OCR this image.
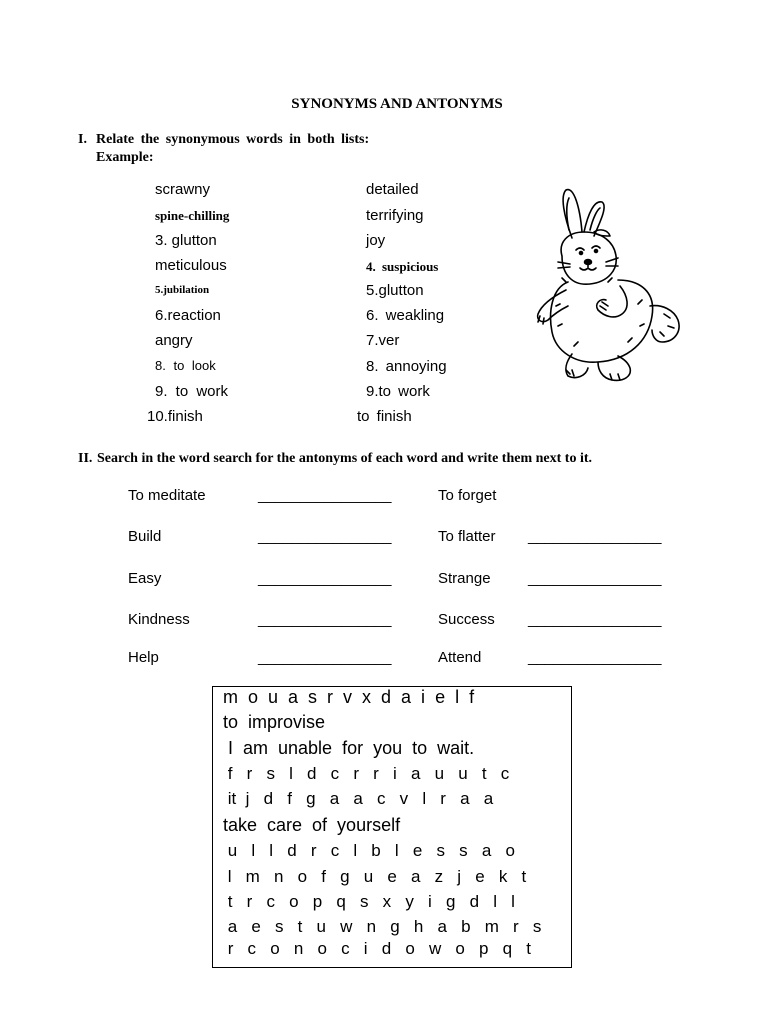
SYNONYMS AND ANTONYMS
I. Relate the synonymous words in both lists:
Example:
scrawny
spine-chilling
3. glutton
meticulous
5.jubilation
6.reaction
angry
8. to look
9. to work
10.finish
detailed
terrifying
joy
4. suspicious
5.glutton
6. weakling
7.ver
8. annoying
9.to work
to finish
II. Search in the word search for the antonyms of each word and write them next to it.
To meditate
Build
Easy
Kindness
Help
________________
________________
________________
________________
________________
To forget
To flatter
Strange
Success
Attend
________________
________________
________________
________________
m  o  u  a  s  r  v  x  d  a  i  e  l  f
to  improvise
I  am  unable  for  you  to  wait.
f   r   s   l   d   c   r   r   i   a   u   u   t   c
it  j   d   f   g   a   a   c   v   l   r   a   a
take  care  of  yourself
u   l   l   d   r   c   l   b   l   e   s   s   a   o
l   m   n   o   f   g   u   e   a   z   j   e   k   t
t   r   c   o   p   q   s   x   y   i   g   d   l   l
a   e   s   t   u   w   n   g   h   a   b   m   r   s
r   c   o   n   o   c   i   d   o   w   o   p   q   t
